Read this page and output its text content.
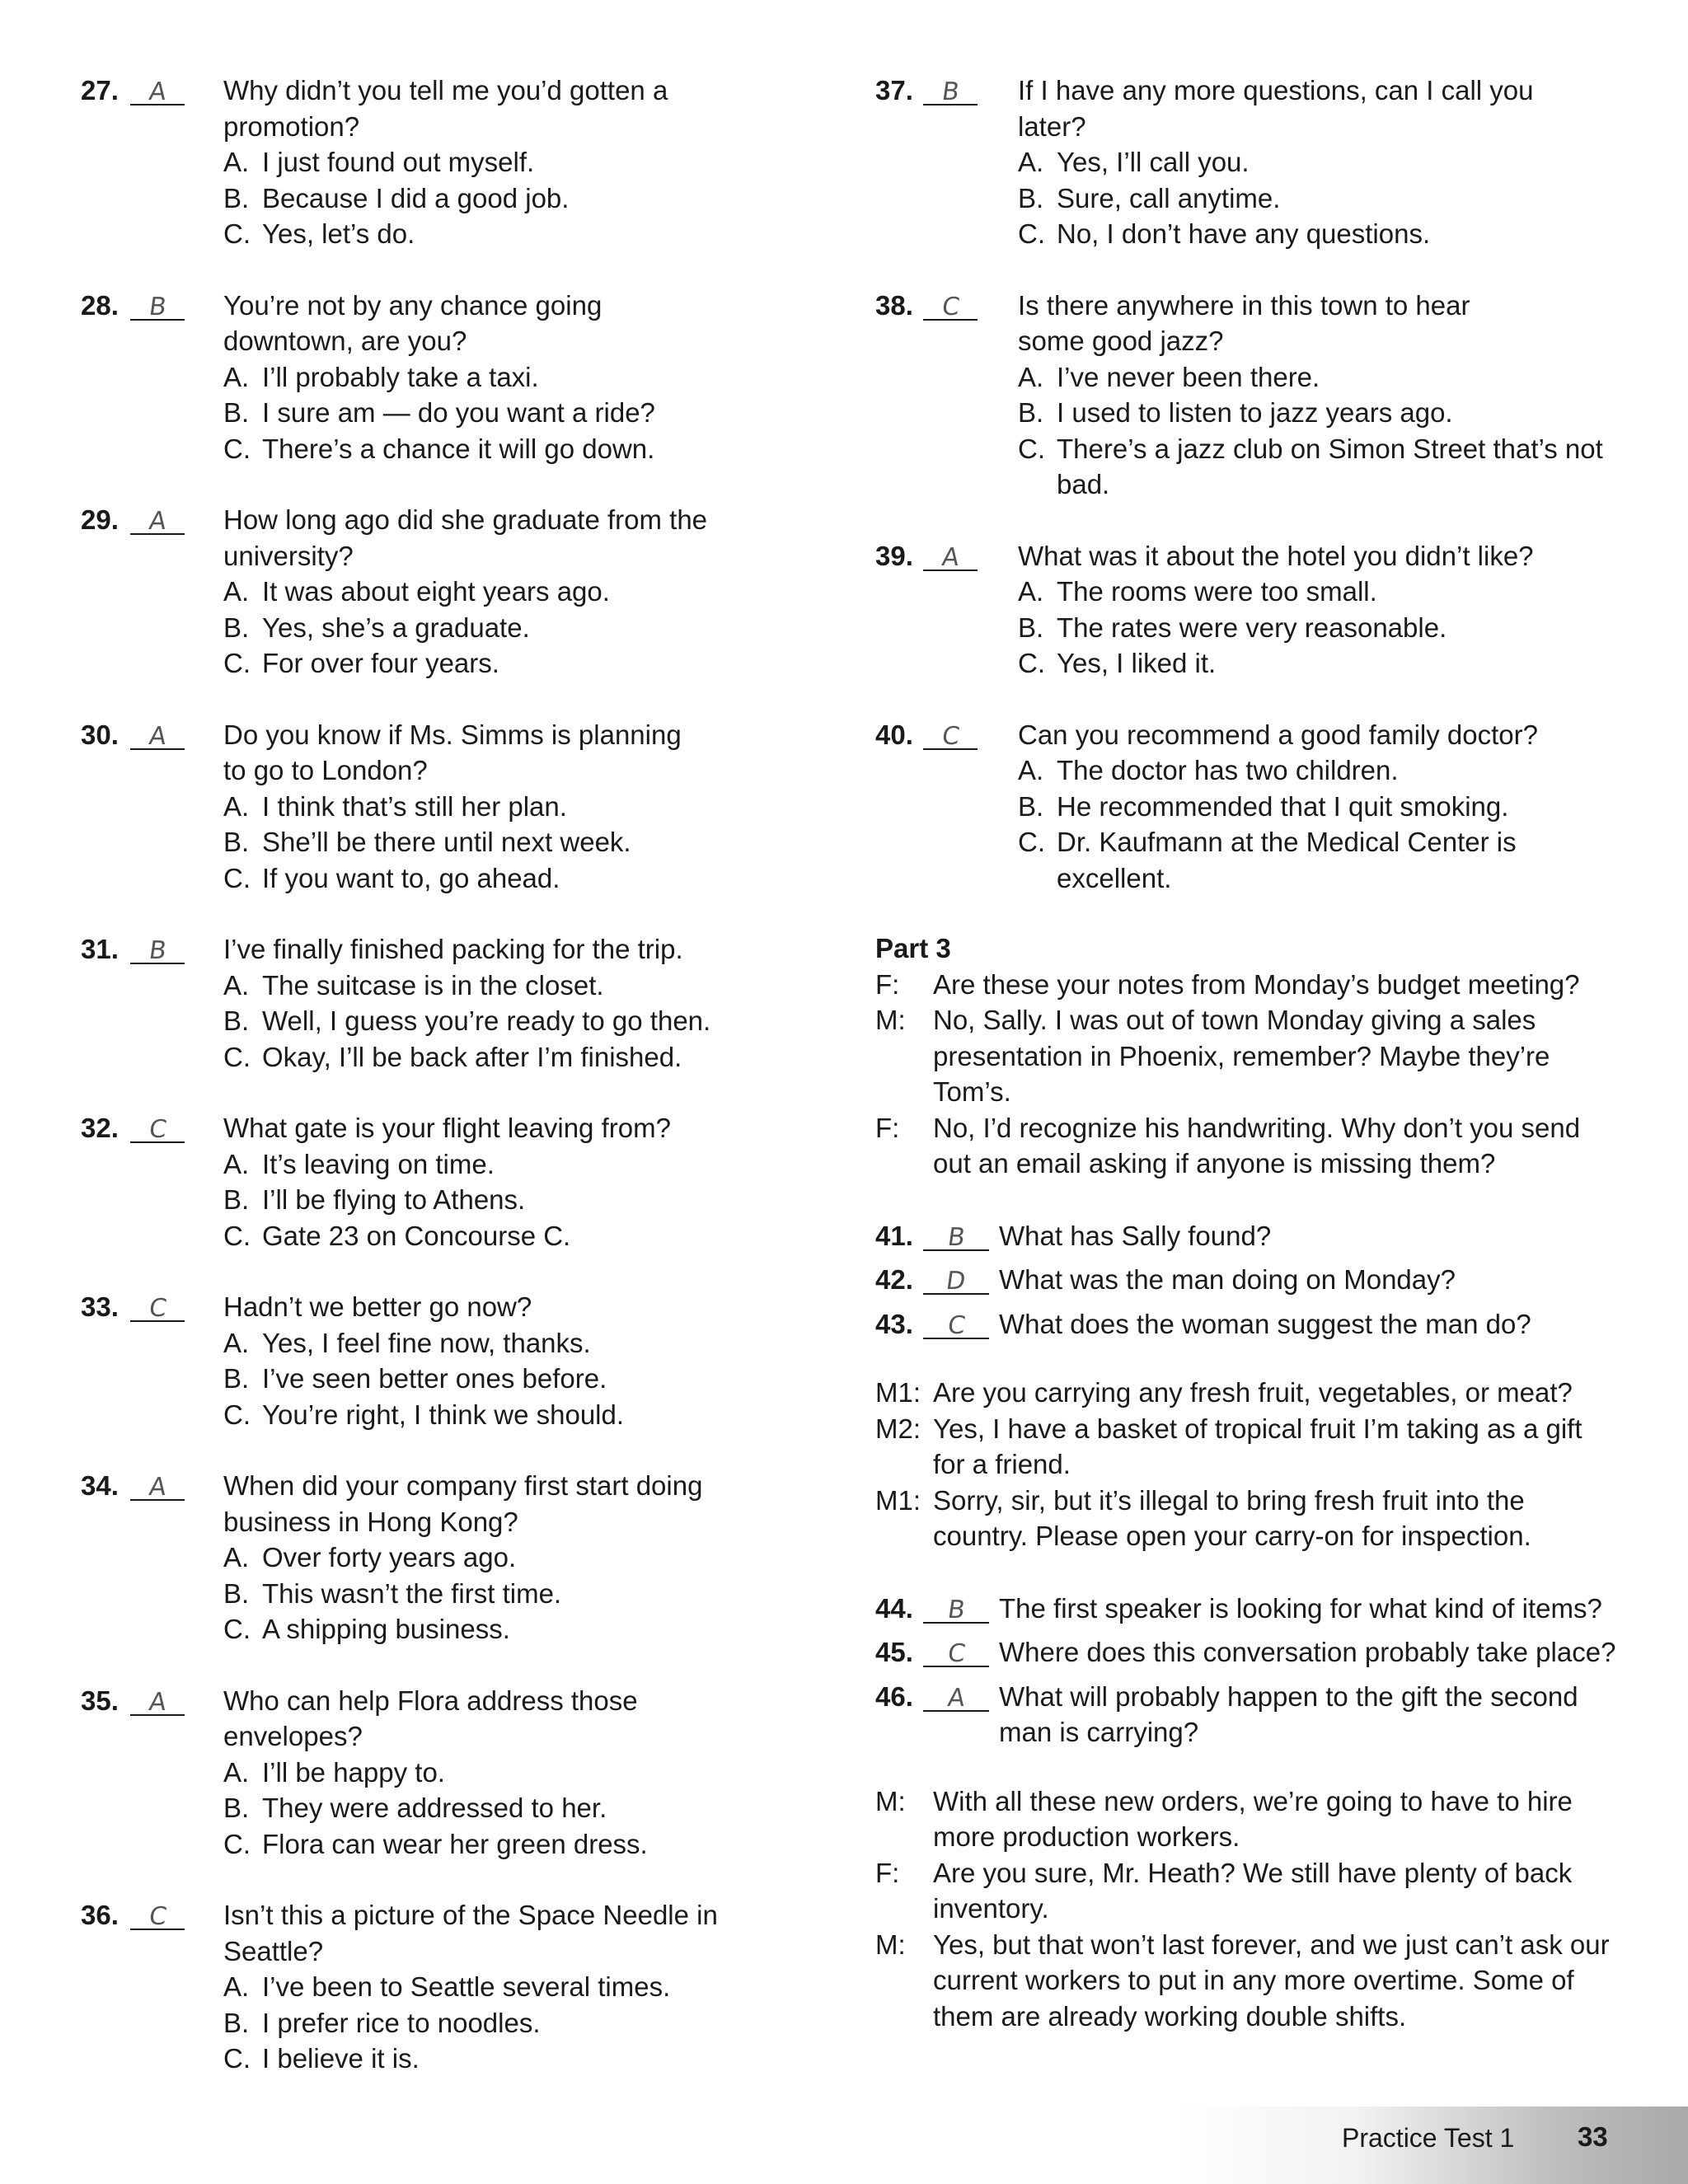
27.	A	Why didn’t you tell me you’d gotten a
promotion?
A. I just found out myself.
B. Because I did a good job.
C. Yes, let’s do.
28.	B	You’re not by any chance going
downtown, are you?
A. I’ll probably take a taxi.
B. I sure am — do you want a ride?
C. There’s a chance it will go down.
29.	A	How long ago did she graduate from the
university?
A. It was about eight years ago.
B. Yes, she’s a graduate.
C. For over four years.
30.	A	Do you know if Ms. Simms is planning
to go to London?
A. I think that’s still her plan.
B. She’ll be there until next week.
C. If you want to, go ahead.
31.	B	I’ve finally finished packing for the trip.
A. The suitcase is in the closet.
B. Well, I guess you’re ready to go then.
C. Okay, I’ll be back after I’m finished.
32.	C	What gate is your flight leaving from?
A. It’s leaving on time.
B. I’ll be flying to Athens.
C. Gate 23 on Concourse C.
33.	C	Hadn’t we better go now?
A. Yes, I feel fine now, thanks.
B. I’ve seen better ones before.
C. You’re right, I think we should.
34.	A	When did your company first start doing
business in Hong Kong?
A. Over forty years ago.
B. This wasn’t the first time.
C. A shipping business.
35.	A	Who can help Flora address those
envelopes?
A. I’ll be happy to.
B. They were addressed to her.
C. Flora can wear her green dress.
36.	C	Isn’t this a picture of the Space Needle in
Seattle?
A. I’ve been to Seattle several times.
B. I prefer rice to noodles.
C. I believe it is.
37.	B	If I have any more questions, can I call you
later?
A. Yes, I’ll call you.
B. Sure, call anytime.
C. No, I don’t have any questions.
38.	C	Is there anywhere in this town to hear
some good jazz?
A. I’ve never been there.
B. I used to listen to jazz years ago.
C. There’s a jazz club on Simon Street that’s not bad.
39.	A	What was it about the hotel you didn’t like?
A. The rooms were too small.
B. The rates were very reasonable.
C. Yes, I liked it.
40.	C	Can you recommend a good family doctor?
A. The doctor has two children.
B. He recommended that I quit smoking.
C. Dr. Kaufmann at the Medical Center is excellent.
Part 3
F: Are these your notes from Monday’s budget meeting?
M: No, Sally. I was out of town Monday giving a sales presentation in Phoenix, remember? Maybe they’re Tom’s.
F: No, I’d recognize his handwriting. Why don’t you send out an email asking if anyone is missing them?
41.	B	What has Sally found?
42.	D	What was the man doing on Monday?
43.	C	What does the woman suggest the man do?
M1: Are you carrying any fresh fruit, vegetables, or meat?
M2: Yes, I have a basket of tropical fruit I’m taking as a gift for a friend.
M1: Sorry, sir, but it’s illegal to bring fresh fruit into the country. Please open your carry-on for inspection.
44.	B	The first speaker is looking for what kind of items?
45.	C	Where does this conversation probably take place?
46.	A	What will probably happen to the gift the second man is carrying?
M: With all these new orders, we’re going to have to hire more production workers.
F: Are you sure, Mr. Heath? We still have plenty of back inventory.
M: Yes, but that won’t last forever, and we just can’t ask our current workers to put in any more overtime. Some of them are already working double shifts.
Practice Test 1 33
